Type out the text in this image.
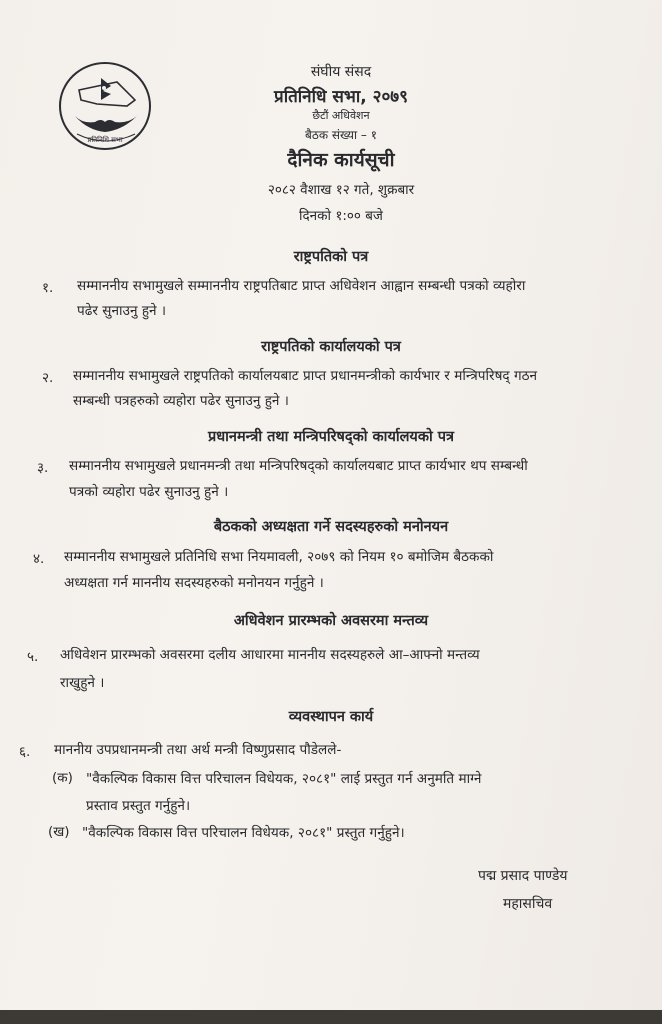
प्रतिनिधि सभा
संघीय संसद
प्रतिनिधि सभा, २०७९
छैटौं अधिवेशन
बैठक संख्या – १
दैनिक कार्यसूची
२०८२ वैशाख १२ गते, शुक्रबार
दिनको १:०० बजे
राष्ट्रपतिको पत्र
१. सम्माननीय सभामुखले सम्माननीय राष्ट्रपतिबाट प्राप्त अधिवेशन आह्वान सम्बन्धी पत्रको व्यहोरा
पढेर सुनाउनु हुने ।
राष्ट्रपतिको कार्यालयको पत्र
२. सम्माननीय सभामुखले राष्ट्रपतिको कार्यालयबाट प्राप्त प्रधानमन्त्रीको कार्यभार र मन्त्रिपरिषद् गठन
सम्बन्धी पत्रहरुको व्यहोरा पढेर सुनाउनु हुने ।
प्रधानमन्त्री तथा मन्त्रिपरिषद्को कार्यालयको पत्र
३. सम्माननीय सभामुखले प्रधानमन्त्री तथा मन्त्रिपरिषद्को कार्यालयबाट प्राप्त कार्यभार थप सम्बन्धी
पत्रको व्यहोरा पढेर सुनाउनु हुने ।
बैठकको अध्यक्षता गर्ने सदस्यहरुको मनोनयन
४. सम्माननीय सभामुखले प्रतिनिधि सभा नियमावली, २०७९ को नियम १० बमोजिम बैठकको
अध्यक्षता गर्न माननीय सदस्यहरुको मनोनयन गर्नुहुने ।
अधिवेशन प्रारम्भको अवसरमा मन्तव्य
५. अधिवेशन प्रारम्भको अवसरमा दलीय आधारमा माननीय सदस्यहरुले आ–आफ्नो मन्तव्य
राखुहुने ।
व्यवस्थापन कार्य
६. माननीय उपप्रधानमन्त्री तथा अर्थ मन्त्री विष्णुप्रसाद पौडेलले-
(क) "वैकल्पिक विकास वित्त परिचालन विधेयक, २०८१" लाई प्रस्तुत गर्न अनुमति माग्ने
प्रस्ताव प्रस्तुत गर्नुहुने।
(ख) "वैकल्पिक विकास वित्त परिचालन विधेयक, २०८१" प्रस्तुत गर्नुहुने।
पद्म प्रसाद पाण्डेय
महासचिव
